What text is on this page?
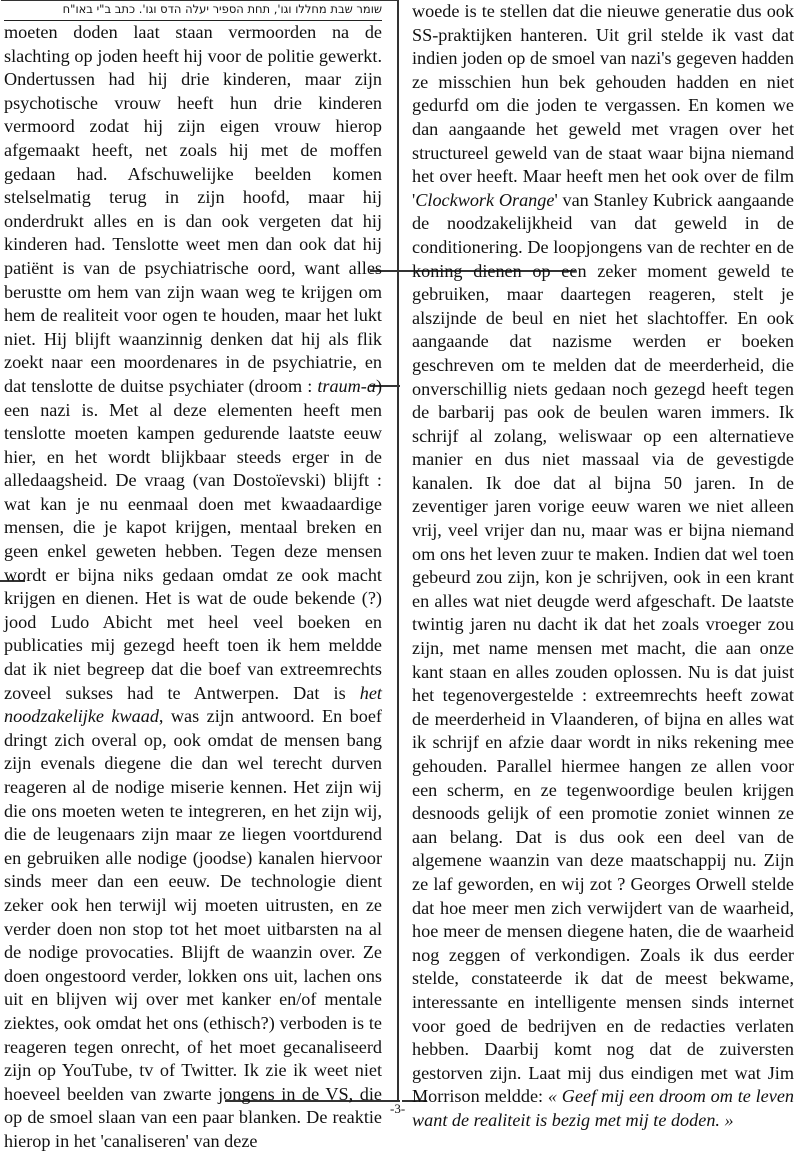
שומר שבת מחללו וגו', תחת הספיר יעלה הדס וגו'. כתב ב"י באו"ח

moeten doden laat staan vermoorden na de slachting op joden heeft hij voor de politie gewerkt. Ondertussen had hij drie kinderen, maar zijn psychotische vrouw heeft hun drie kinderen vermoord zodat hij zijn eigen vrouw hierop afgemaakt heeft, net zoals hij met de moffen gedaan had. Afschuwelijke beelden komen stelselmatig terug in zijn hoofd, maar hij onderdrukt alles en is dan ook vergeten dat hij kinderen had. Tenslotte weet men dan ook dat hij patiënt is van de psychiatrische oord, want alles berustte om hem van zijn waan weg te krijgen om hem de realiteit voor ogen te houden, maar het lukt niet. Hij blijft waanzinnig denken dat hij als flik zoekt naar een moordenares in de psychiatrie, en dat tenslotte de duitse psychiater (droom : traum-a) een nazi is. Met al deze elementen heeft men tenslotte moeten kampen gedurende laatste eeuw hier, en het wordt blijkbaar steeds erger in de alledaagsheid. De vraag (van Dostoïevski) blijft : wat kan je nu eenmaal doen met kwaadaardige mensen, die je kapot krijgen, mentaal breken en geen enkel geweten hebben. Tegen deze mensen wordt er bijna niks gedaan omdat ze ook macht krijgen en dienen. Het is wat de oude bekende (?) jood Ludo Abicht met heel veel boeken en publicaties mij gezegd heeft toen ik hem meldde dat ik niet begreep dat die boef van extreemrechts zoveel sukses had te Antwerpen. Dat is het noodzakelijke kwaad, was zijn antwoord. En boef dringt zich overal op, ook omdat de mensen bang zijn evenals diegene die dan wel terecht durven reageren al de nodige miserie kennen. Het zijn wij die ons moeten weten te integreren, en het zijn wij, die de leugenaars zijn maar ze liegen voortdurend en gebruiken alle nodige (joodse) kanalen hiervoor sinds meer dan een eeuw. De technologie dient zeker ook hen terwijl wij moeten uitrusten, en ze verder doen non stop tot het moet uitbarsten na al de nodige provocaties. Blijft de waanzin over. Ze doen ongestoord verder, lokken ons uit, lachen ons uit en blijven wij over met kanker en/of mentale ziektes, ook omdat het ons (ethisch?) verboden is te reageren tegen onrecht, of het moet gecanaliseerd zijn op YouTube, tv of Twitter. Ik zie ik weet niet hoeveel beelden van zwarte jongens in de VS, die op de smoel slaan van een paar blanken. De reaktie hierop in het 'canaliseren' van deze

woede is te stellen dat die nieuwe generatie dus ook SS-praktijken hanteren. Uit gril stelde ik vast dat indien joden op de smoel van nazi's gegeven hadden ze misschien hun bek gehouden hadden en niet gedurfd om die joden te vergassen. En komen we dan aangaande het geweld met vragen over het structureel geweld van de staat waar bijna niemand het over heeft. Maar heeft men het ook over de film 'Clockwork Orange' van Stanley Kubrick aangaande de noodzakelijkheid van dat geweld in de conditionering. De loopjongens van de rechter en de koning dienen op een zeker moment geweld te gebruiken, maar daartegen reageren, stelt je alszijnde de beul en niet het slachtoffer. En ook aangaande dat nazisme werden er boeken geschreven om te melden dat de meerderheid, die onverschillig niets gedaan noch gezegd heeft tegen de barbarij pas ook de beulen waren immers. Ik schrijf al zolang, weliswaar op een alternatieve manier en dus niet massaal via de gevestigde kanalen. Ik doe dat al bijna 50 jaren. In de zeventiger jaren vorige eeuw waren we niet alleen vrij, veel vrijer dan nu, maar was er bijna niemand om ons het leven zuur te maken. Indien dat wel toen gebeurd zou zijn, kon je schrijven, ook in een krant en alles wat niet deugde werd afgeschaft. De laatste twintig jaren nu dacht ik dat het zoals vroeger zou zijn, met name mensen met macht, die aan onze kant staan en alles zouden oplossen. Nu is dat juist het tegenovergestelde : extreemrechts heeft zowat de meerderheid in Vlaanderen, of bijna en alles wat ik schrijf en afzie daar wordt in niks rekening mee gehouden. Parallel hiermee hangen ze allen voor een scherm, en ze tegenwoordige beulen krijgen desnoods gelijk of een promotie zoniet winnen ze aan belang. Dat is dus ook een deel van de algemene waanzin van deze maatschappij nu. Zijn ze laf geworden, en wij zot ? Georges Orwell stelde dat hoe meer men zich verwijdert van de waarheid, hoe meer de mensen diegene haten, die de waarheid nog zeggen of verkondigen. Zoals ik dus eerder stelde, constateerde ik dat de meest bekwame, interessante en intelligente mensen sinds internet voor goed de bedrijven en de redacties verlaten hebben. Daarbij komt nog dat de zuiversten gestorven zijn. Laat mij dus eindigen met wat Jim Morrison meldde: « Geef mij een droom om te leven want de realiteit is bezig met mij te doden. »

-3-
